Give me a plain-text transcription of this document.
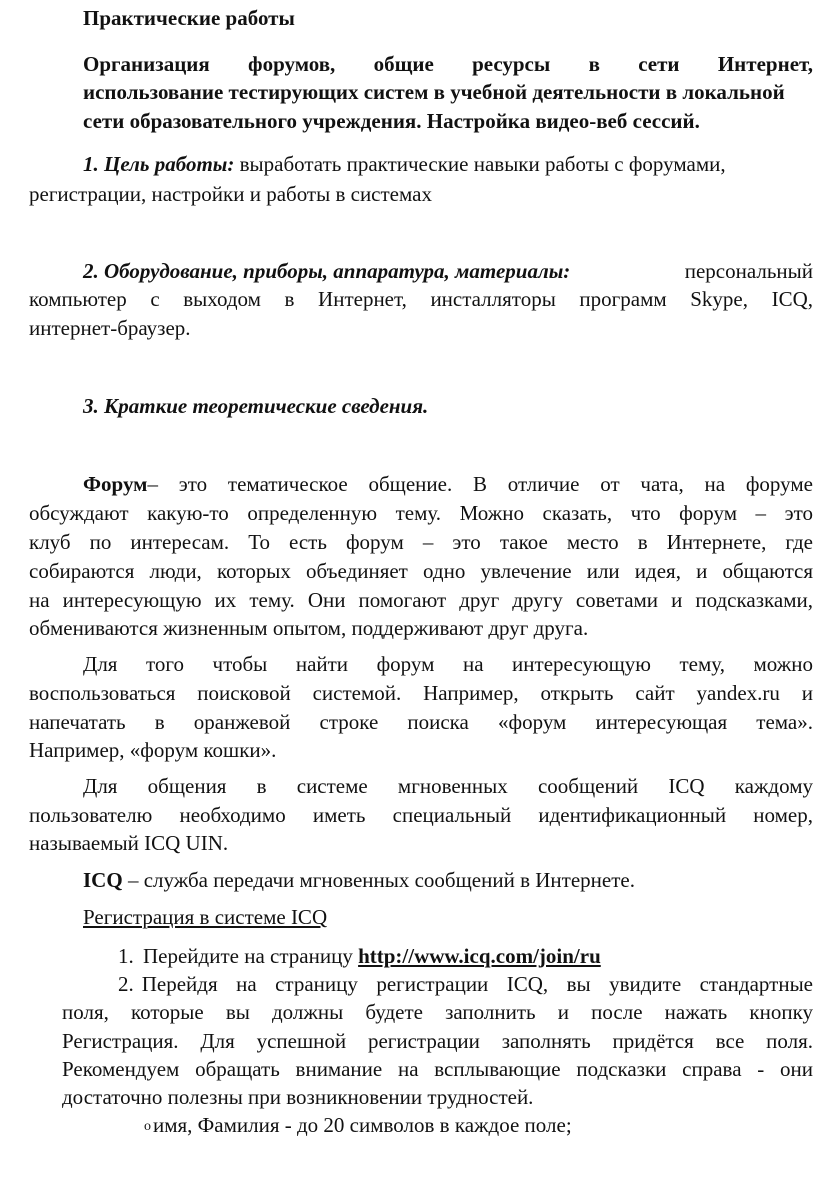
Практические работы
Организация форумов, общие ресурсы в сети Интернет,
использование тестирующих систем в учебной деятельности в локальной
сети образовательного учреждения. Настройка видео-веб сессий.
1. Цель работы: выработать практические навыки работы с форумами,
регистрации, настройки и работы в системах
2. Оборудование, приборы, аппаратура, материалы:	персональный
компьютер с выходом в Интернет, инсталляторы программ Skype, ICQ,
интернет-браузер.
3. Краткие теоретические сведения.
Форум – это тематическое общение. В отличие от чата, на форуме
обсуждают какую-то определенную тему. Можно сказать, что форум – это
клуб по интересам. То есть форум – это такое место в Интернете, где
собираются люди, которых объединяет одно увлечение или идея, и общаются
на интересующую их тему. Они помогают друг другу советами и подсказками,
обмениваются жизненным опытом, поддерживают друг друга.
Для того чтобы найти форум на интересующую тему, можно
воспользоваться поисковой системой. Например, открыть сайт yandex.ru и
напечатать в оранжевой строке поиска «форум интересующая тема».
Например, «форум кошки».
Для общения в системе мгновенных сообщений ICQ каждому
пользователю необходимо иметь специальный идентификационный номер,
называемый ICQ UIN.
ICQ – служба передачи мгновенных сообщений в Интернете.
Регистрация в системе ICQ
1. Перейдите на страницу http://www.icq.com/join/ru
2. Перейдя на страницу регистрации ICQ, вы увидите стандартные
поля, которые вы должны будете заполнить и после нажать кнопку
Регистрация. Для успешной регистрации заполнять придётся все поля.
Рекомендуем обращать внимание на всплывающие подсказки справа - они
достаточно полезны при возникновении трудностей.
oимя, Фамилия - до 20 символов в каждое поле;
